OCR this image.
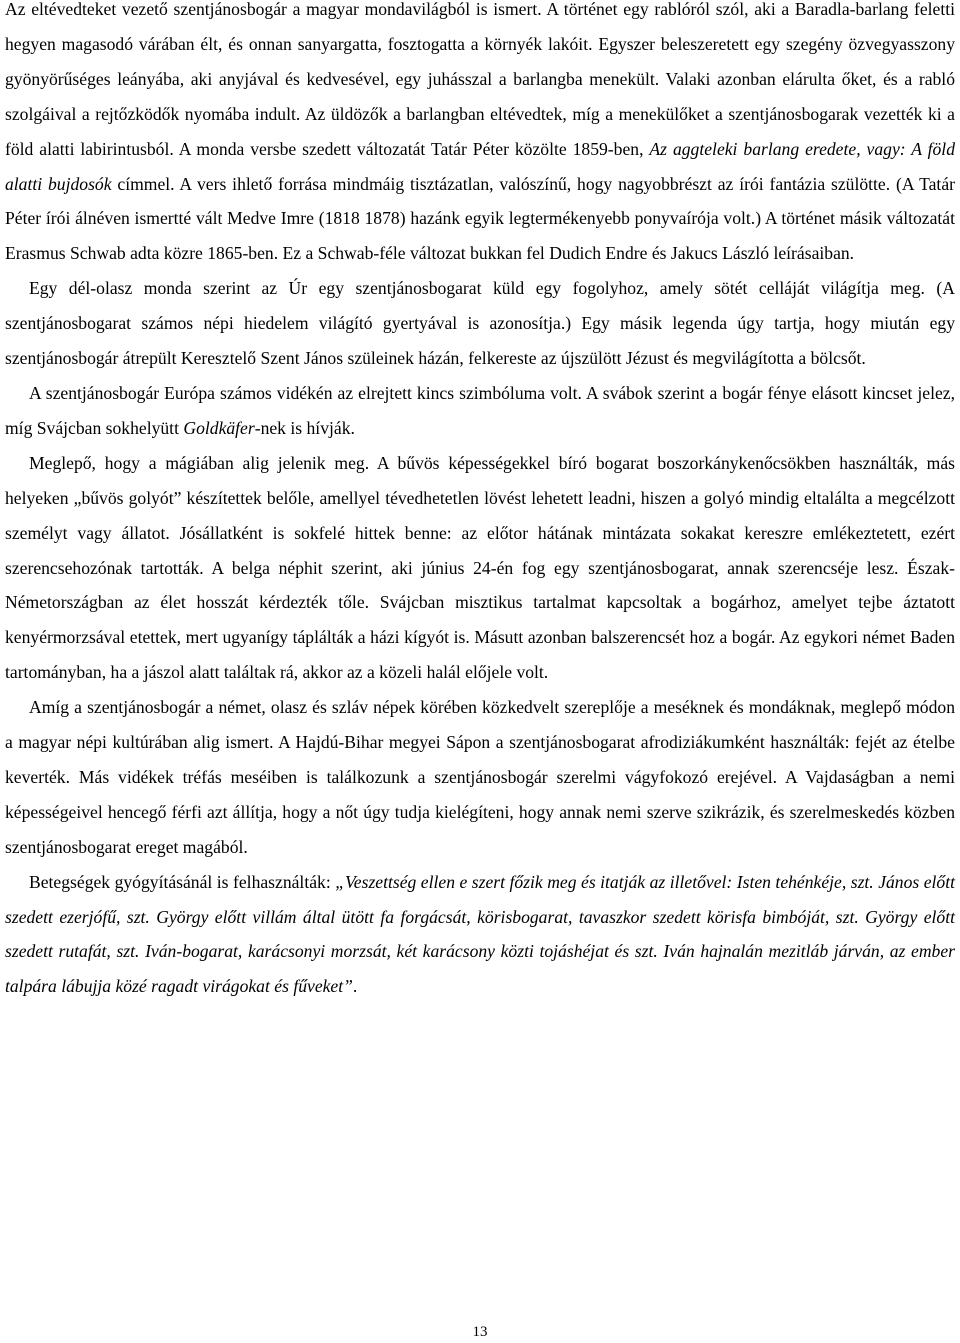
Az eltévedteket vezető szentjánosbogár a magyar mondavilágból is ismert. A történet egy rablóról szól, aki a Baradla-barlang feletti hegyen magasodó várában élt, és onnan sanyargatta, fosztogatta a környék lakóit. Egyszer beleszeretett egy szegény özvegyasszony gyönyörűséges leányába, aki anyjával és kedvesével, egy juhásszal a barlangba menekült. Valaki azonban elárulta őket, és a rabló szolgáival a rejtőzködők nyomába indult. Az üldözők a barlangban eltévedtek, míg a menekülőket a szentjánosbogarak vezették ki a föld alatti labirintusból. A monda versbe szedett változatát Tatár Péter közölte 1859-ben, Az aggteleki barlang eredete, vagy: A föld alatti bujdosók címmel. A vers ihlető forrása mindmáig tisztázatlan, valószínű, hogy nagyobbrészt az írói fantázia szülötte. (A Tatár Péter írói álnéven ismertté vált Medve Imre (1818 1878) hazánk egyik legtermékenyebb ponyvaírója volt.) A történet másik változatát Erasmus Schwab adta közre 1865-ben. Ez a Schwab-féle változat bukkan fel Dudich Endre és Jakucs László leírásaiban.

Egy dél-olasz monda szerint az Úr egy szentjánosbogarat küld egy fogolyhoz, amely sötét celláját világítja meg. (A szentjánosbogarat számos népi hiedelem világító gyertyával is azonosítja.) Egy másik legenda úgy tartja, hogy miután egy szentjánosbogár átrepült Keresztelő Szent János szüleinek házán, felkereste az újszülött Jézust és megvilágította a bölcsőt.

A szentjánosbogár Európa számos vidékén az elrejtett kincs szimbóluma volt. A svábok szerint a bogár fénye elásott kincset jelez, míg Svájcban sokhelyütt Goldkäfer-nek is hívják.

Meglepő, hogy a mágiában alig jelenik meg. A bűvös képességekkel bíró bogarat boszorkánykenőcsökben használták, más helyeken „bűvös golyót” készítettek belőle, amellyel tévedhetetlen lövést lehetett leadni, hiszen a golyó mindig eltalálta a megcélzott személyt vagy állatot. Jósállatként is sokfelé hittek benne: az előtor hátának mintázata sokakat kereszre emlékeztetett, ezért szerencsehozónak tartották. A belga néphit szerint, aki június 24-én fog egy szentjánosbogarat, annak szerencséje lesz. Észak-Németországban az élet hosszát kérdezték tőle. Svájcban misztikus tartalmat kapcsoltak a bogárhoz, amelyet tejbe áztatott kenyérmorzsával etettek, mert ugyanígy táplálták a házi kígyót is. Másutt azonban balszerencsét hoz a bogár. Az egykori német Baden tartományban, ha a jászol alatt találtak rá, akkor az a közeli halál előjele volt.

Amíg a szentjánosbogár a német, olasz és szláv népek körében közkedvelt szereplője a meséknek és mondáknak, meglepő módon a magyar népi kultúrában alig ismert. A Hajdú-Bihar megyei Sápon a szentjánosbogarat afrodiziákumként használták: fejét az ételbe keverték. Más vidékek tréfás meséiben is találkozunk a szentjánosbogár szerelmi vágyfokozó erejével. A Vajdaságban a nemi képességeivel hencegő férfi azt állítja, hogy a nőt úgy tudja kielégíteni, hogy annak nemi szerve szikrázik, és szerelmeskedés közben szentjánosbogarat ereget magából.

Betegségek gyógyításánál is felhasználták: „Veszettség ellen e szert főzik meg és itatják az illetővel: Isten tehénkéje, szt. János előtt szedett ezerjófű, szt. György előtt villám által ütött fa forgácsát, körisbogarat, tavaszkor szedett körisfa bimbóját, szt. György előtt szedett rutafát, szt. Iván-bogarat, karácsonyi morzsát, két karácsony közti tojáshéjat és szt. Iván hajnalán mezitláb járván, az ember talpára lábujja közé ragadt virágokat és fűveket”.

13
